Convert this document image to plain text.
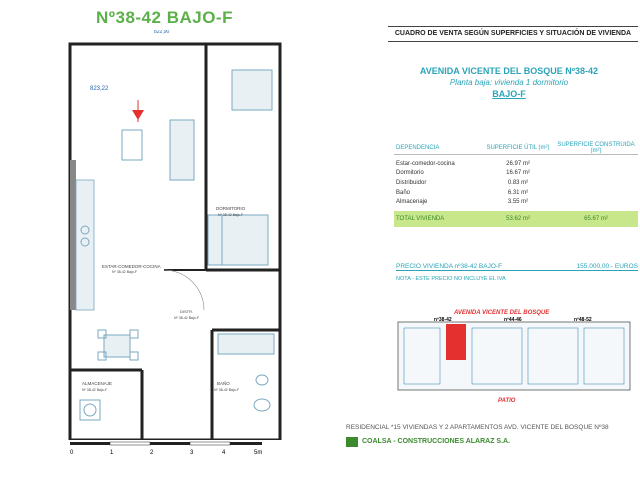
Nº38-42 BAJO-F
822,90
823,22
ESTAR-COMEDOR-COCINA
Nº 38-42 Bajo-F
DORMITORIO
Nº 38-42 Bajo-F
DISTR.
Nº 38-42 Bajo-F
ALMACENAJE
Nº 38-42 Bajo-F
BAÑO
Nº 38-42 Bajo-F
0	1	2	3	4	5m
CUADRO DE VENTA SEGÚN SUPERFICIES Y SITUACIÓN DE VIVIENDA
AVENIDA VICENTE DEL BOSQUE Nº38-42
Planta baja: vivienda 1 dormitorio
BAJO-F
DEPENDENCIA	SUPERFICIE ÚTIL (m²)	SUPERFICIE CONSTRUIDA (m²)
Estar-comedor-cocina	26.97 m²
Dormitorio	16.67 m²
Distribuidor	0.83 m²
Baño	6.31 m²
Almacenaje	3.55 m²
TOTAL VIVIENDA	53.62 m²	65.67 m²
PRECIO VIVIENDA nº38-42 BAJO-F	155.000,00.- EUROS
NOTA - ESTE PRECIO NO INCLUYE EL IVA
AVENIDA VICENTE DEL BOSQUE
nº38-42	nº44-46	nº48-52
PATIO
RESIDENCIAL *15 VIVIENDAS Y 2 APARTAMENTOS AVD. VICENTE DEL BOSQUE Nº38
COALSA - CONSTRUCCIONES ALARAZ S.A.
